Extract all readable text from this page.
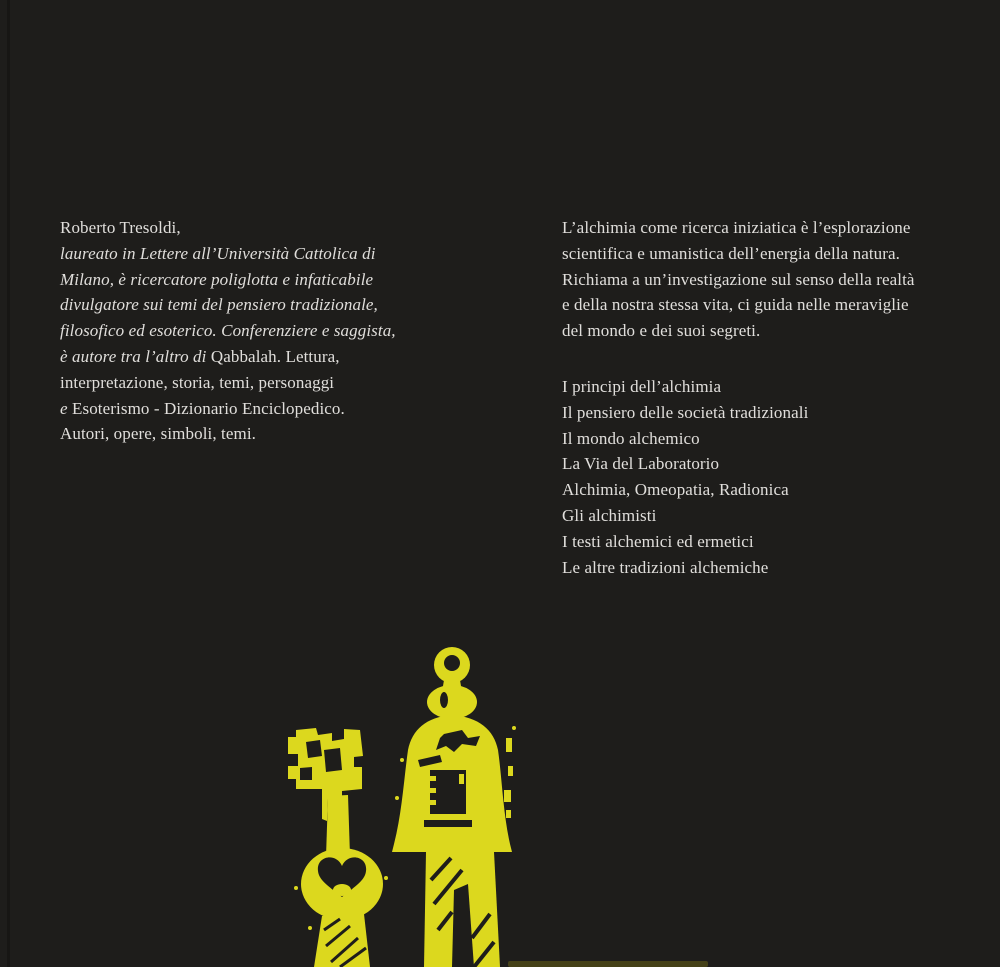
Roberto Tresoldi,
laureato in Lettere all’Università Cattolica di
Milano, è ricercatore poliglotta e infaticabile
divulgatore sui temi del pensiero tradizionale,
filosofico ed esoterico. Conferenziere e saggista,
è autore tra l’altro di Qabbalah. Lettura,
interpretazione, storia, temi, personaggi
e Esoterismo - Dizionario Enciclopedico.
Autori, opere, simboli, temi.
L’alchimia come ricerca iniziatica è l’esplorazione
scientifica e umanistica dell’energia della natura.
Richiama a un’investigazione sul senso della realtà
e della nostra stessa vita, ci guida nelle meraviglie
del mondo e dei suoi segreti.
I principi dell’alchimia
Il pensiero delle società tradizionali
Il mondo alchemico
La Via del Laboratorio
Alchimia, Omeopatia, Radionica
Gli alchimisti
I testi alchemici ed ermetici
Le altre tradizioni alchemiche
